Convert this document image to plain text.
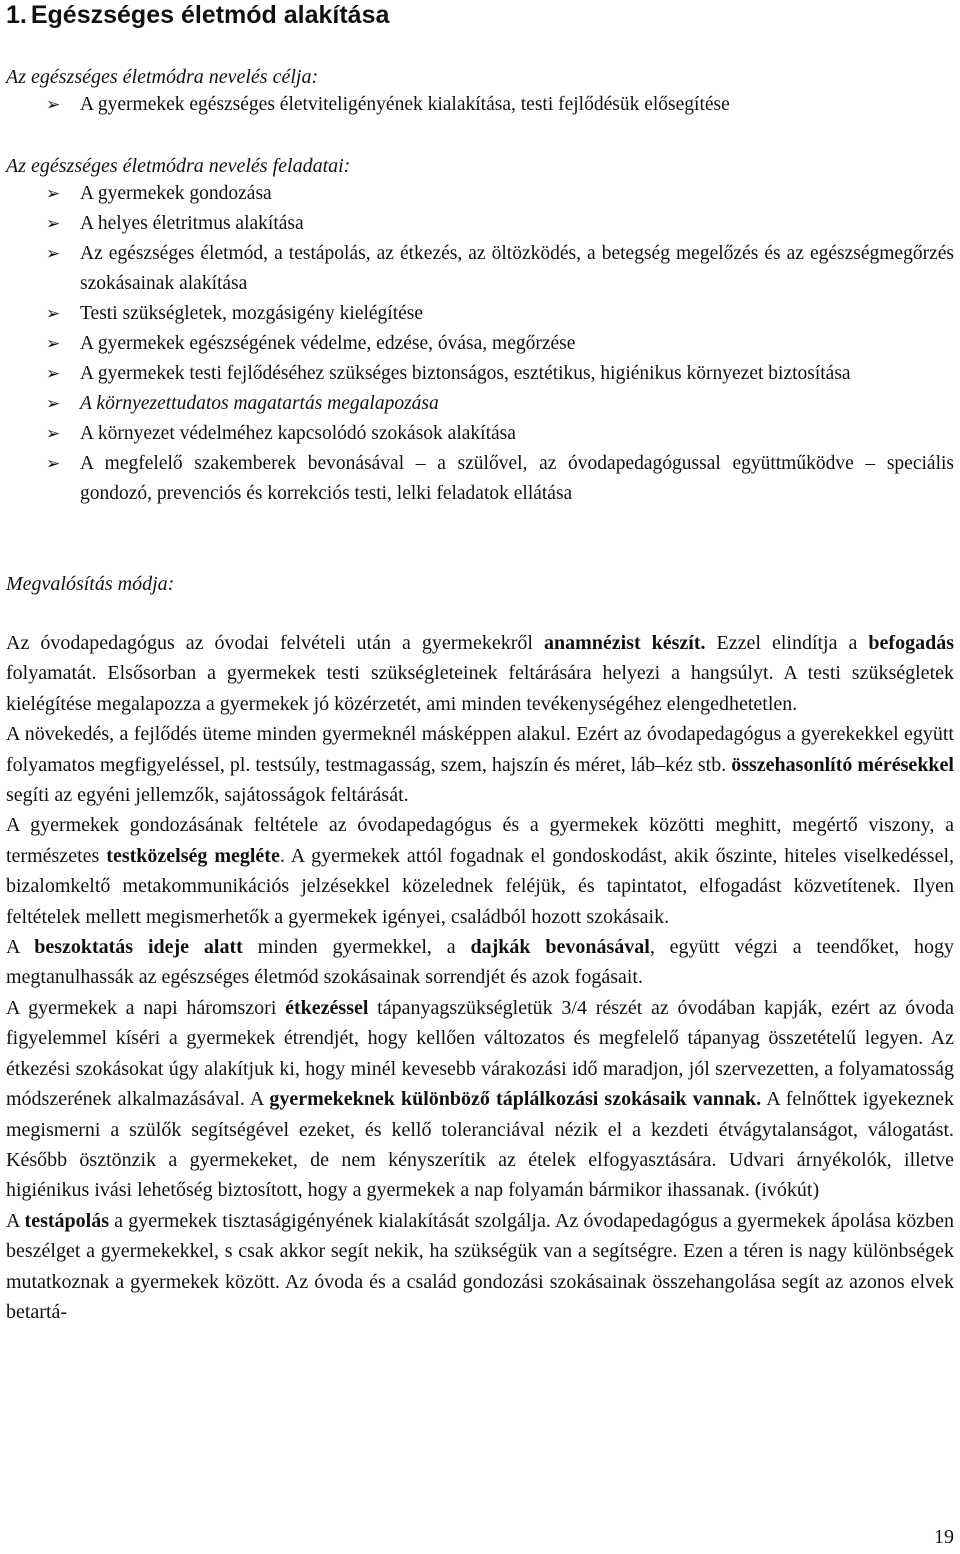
1. Egészséges életmód alakítása

Az egészséges életmódra nevelés célja:

➢ A gyermekek egészséges életviteligényének kialakítása, testi fejlődésük elősegítése

Az egészséges életmódra nevelés feladatai:

➢ A gyermekek gondozása
➢ A helyes életritmus alakítása
➢ Az egészséges életmód, a testápolás, az étkezés, az öltözködés, a betegség megelőzés és az egészségmegőrzés szokásainak alakítása
➢ Testi szükségletek, mozgásigény kielégítése
➢ A gyermekek egészségének védelme, edzése, óvása, megőrzése
➢ A gyermekek testi fejlődéséhez szükséges biztonságos, esztétikus, higiénikus környezet biztosítása
➢ A környezettudatos magatartás megalapozása
➢ A környezet védelméhez kapcsolódó szokások alakítása
➢ A megfelelő szakemberek bevonásával – a szülővel, az óvodapedagógussal együttműködve – speciális gondozó, prevenciós és korrekciós testi, lelki feladatok ellátása

Megvalósítás módja:

Az óvodapedagógus az óvodai felvételi után a gyermekekről anamnézist készít. Ezzel elindítja a befogadás folyamatát. Elsősorban a gyermekek testi szükségleteinek feltárására helyezi a hangsúlyt. A testi szükségletek kielégítése megalapozza a gyermekek jó közérzetét, ami minden tevékenységéhez elengedhetetlen.

A növekedés, a fejlődés üteme minden gyermeknél másképpen alakul. Ezért az óvodapedagógus a gyerekekkel együtt folyamatos megfigyeléssel, pl. testsúly, testmagasság, szem, hajszín és méret, láb–kéz stb. összehasonlító mérésekkel segíti az egyéni jellemzők, sajátosságok feltárását.

A gyermekek gondozásának feltétele az óvodapedagógus és a gyermekek közötti meghitt, megértő viszony, a természetes testközelség megléte. A gyermekek attól fogadnak el gondoskodást, akik őszinte, hiteles viselkedéssel, bizalomkeltő metakommunikációs jelzésekkel közelednek feléjük, és tapintatot, elfogadást közvetítenek. Ilyen feltételek mellett megismerhetők a gyermekek igényei, családból hozott szokásaik.

A beszoktatás ideje alatt minden gyermekkel, a dajkák bevonásával, együtt végzi a teendőket, hogy megtanulhassák az egészséges életmód szokásainak sorrendjét és azok fogásait.

A gyermekek a napi háromszori étkezéssel tápanyagszükségletük 3/4 részét az óvodában kapják, ezért az óvoda figyelemmel kíséri a gyermekek étrendjét, hogy kellően változatos és megfelelő tápanyag összetételű legyen. Az étkezési szokásokat úgy alakítjuk ki, hogy minél kevesebb várakozási idő maradjon, jól szervezetten, a folyamatosság módszerének alkalmazásával. A gyermekeknek különböző táplálkozási szokásaik vannak. A felnőttek igyekeznek megismerni a szülők segítségével ezeket, és kellő toleranciával nézik el a kezdeti étvágytalanságot, válogatást. Később ösztönzik a gyermekeket, de nem kényszerítik az ételek elfogyasztására. Udvari árnyékolók, illetve higiénikus ivási lehetőség biztosított, hogy a gyermekek a nap folyamán bármikor ihassanak. (ivókút)

A testápolás a gyermekek tisztaságigényének kialakítását szolgálja. Az óvodapedagógus a gyermekek ápolása közben beszélget a gyermekekkel, s csak akkor segít nekik, ha szükségük van a segítségre. Ezen a téren is nagy különbségek mutatkoznak a gyermekek között. Az óvoda és a család gondozási szokásainak összehangolása segít az azonos elvek betartá-

19
